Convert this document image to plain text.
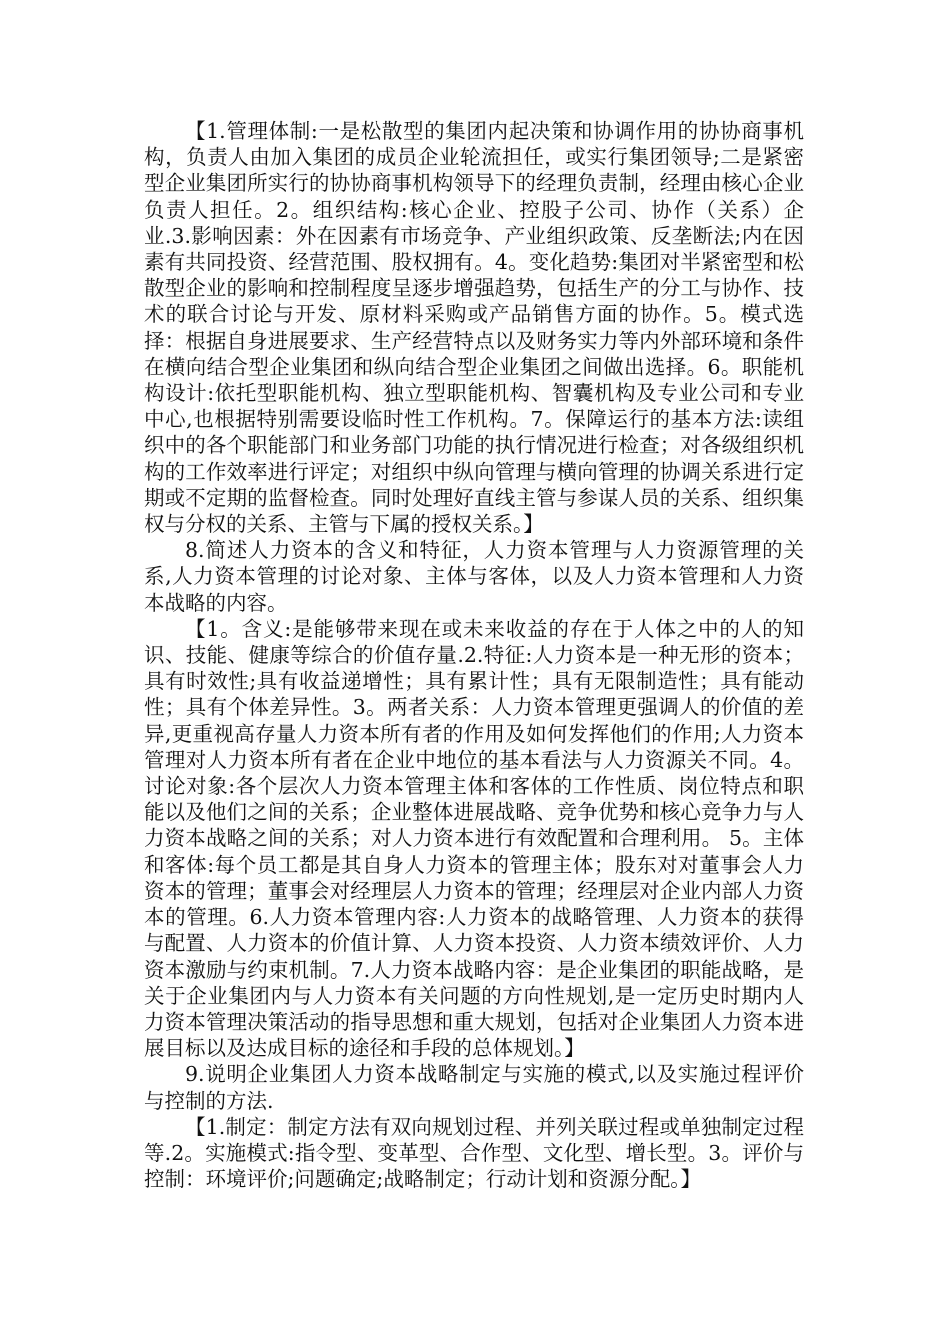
【1.管理体制:一是松散型的集团内起决策和协调作用的协协商事机构，负责人由加入集团的成员企业轮流担任，或实行集团领导;二是紧密型企业集团所实行的协协商事机构领导下的经理负责制，经理由核心企业负责人担任。2。组织结构:核心企业、控股子公司、协作（关系）企业.3.影响因素：外在因素有市场竞争、产业组织政策、反垄断法;内在因素有共同投资、经营范围、股权拥有。4。变化趋势:集团对半紧密型和松散型企业的影响和控制程度呈逐步增强趋势，包括生产的分工与协作、技术的联合讨论与开发、原材料采购或产品销售方面的协作。5。模式选择：根据自身进展要求、生产经营特点以及财务实力等内外部环境和条件在横向结合型企业集团和纵向结合型企业集团之间做出选择。6。职能机构设计:依托型职能机构、独立型职能机构、智囊机构及专业公司和专业中心,也根据特别需要设临时性工作机构。7。保障运行的基本方法:读组织中的各个职能部门和业务部门功能的执行情况进行检查；对各级组织机构的工作效率进行评定；对组织中纵向管理与横向管理的协调关系进行定期或不定期的监督检查。同时处理好直线主管与参谋人员的关系、组织集权与分权的关系、主管与下属的授权关系。】

8.简述人力资本的含义和特征，人力资本管理与人力资源管理的关系,人力资本管理的讨论对象、主体与客体，以及人力资本管理和人力资本战略的内容。

【1。含义:是能够带来现在或未来收益的存在于人体之中的人的知识、技能、健康等综合的价值存量.2.特征:人力资本是一种无形的资本；具有时效性;具有收益递增性；具有累计性；具有无限制造性；具有能动性；具有个体差异性。3。两者关系：人力资本管理更强调人的价值的差异,更重视高存量人力资本所有者的作用及如何发挥他们的作用;人力资本管理对人力资本所有者在企业中地位的基本看法与人力资源关不同。4。讨论对象:各个层次人力资本管理主体和客体的工作性质、岗位特点和职能以及他们之间的关系；企业整体进展战略、竞争优势和核心竞争力与人力资本战略之间的关系；对人力资本进行有效配置和合理利用。 5。主体和客体:每个员工都是其自身人力资本的管理主体；股东对对董事会人力资本的管理；董事会对经理层人力资本的管理；经理层对企业内部人力资本的管理。6.人力资本管理内容:人力资本的战略管理、人力资本的获得与配置、人力资本的价值计算、人力资本投资、人力资本绩效评价、人力资本激励与约束机制。7.人力资本战略内容：是企业集团的职能战略，是关于企业集团内与人力资本有关问题的方向性规划,是一定历史时期内人力资本管理决策活动的指导思想和重大规划，包括对企业集团人力资本进展目标以及达成目标的途径和手段的总体规划。】

9.说明企业集团人力资本战略制定与实施的模式,以及实施过程评价与控制的方法.

【1.制定：制定方法有双向规划过程、并列关联过程或单独制定过程等.2。实施模式:指令型、变革型、合作型、文化型、增长型。3。评价与控制：环境评价;问题确定;战略制定；行动计划和资源分配。】
